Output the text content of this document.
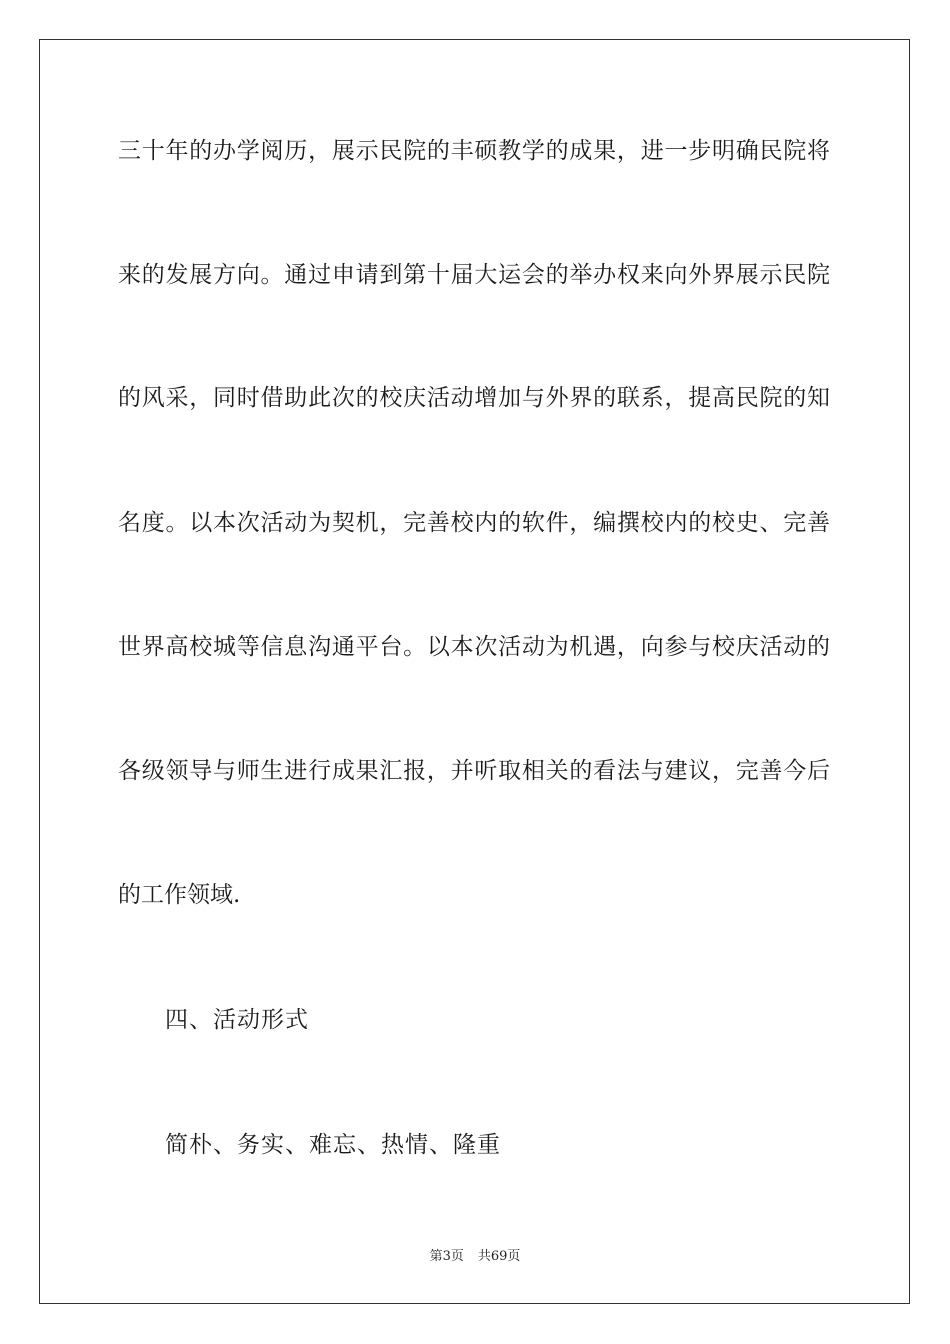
三十年的办学阅历，展示民院的丰硕教学的成果，进一步明确民院将
来的发展方向。通过申请到第十届大运会的举办权来向外界展示民院
的风采，同时借助此次的校庆活动增加与外界的联系，提高民院的知
名度。以本次活动为契机，完善校内的软件，编撰校内的校史、完善
世界高校城等信息沟通平台。以本次活动为机遇，向参与校庆活动的
各级领导与师生进行成果汇报，并听取相关的看法与建议，完善今后
的工作领域.
四、活动形式
简朴、务实、难忘、热情、隆重
第3页 共69页
